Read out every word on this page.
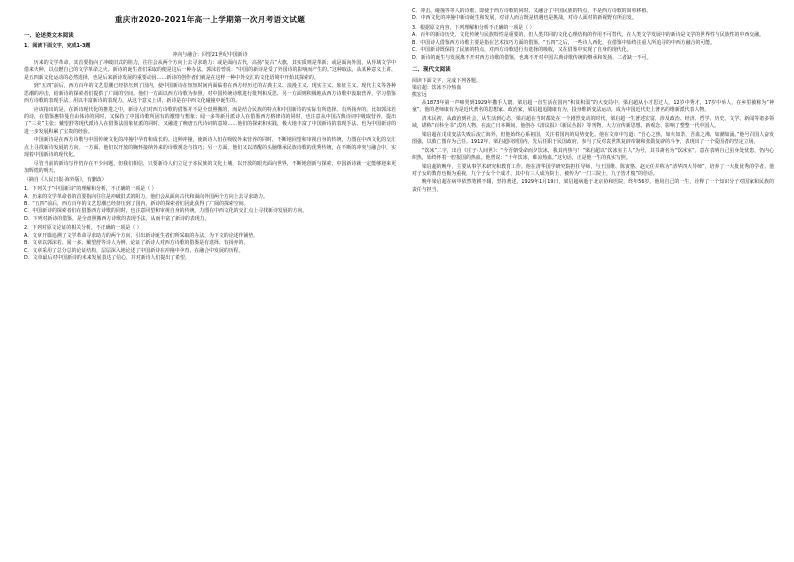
重庆市2020-2021年高一上学期第一次月考语文试题
一、论述类文本阅读
1．阅读下面文字，完成1-3题
冲向与融合：回望21世纪中国新诗

历来的文学革命，其首要指向了冲破旧式的阻力，往往会从两个方向上去寻求助力：或是面向古代，高扬“复古”大旗，其实质则是革新；或是面向外国，从异域文学中借来火种，以点燃自己的文学革命之火。新诗的诞生者们采取的便是这后一种办法。郭沫若曾说：“中国的新诗是受了外国诗的影响而产生的。”这种取法，从某种意义上讲，是五四新文化运动的必然选择，也是后来新诗发展的重要动因……新诗的创作者们就是在这样一种中外交汇的文化语境中开始其探索的。

到“五四”前后，西方百年的文艺思潮已经挤压到了国内，使中国新诗在短短时间内面临着在西方经历过的古典主义、浪漫主义、现实主义、象征主义、现代主义等各种思潮的冲击，给新诗的探索者们提供了广阔的空间。他们一方面以西方诗歌为参照，对中国传统诗歌进行批判和反思，另一方面则积极地从西方诗歌中汲取营养，学习借鉴西方诗歌的表现手法，用以丰富新诗的表现力。从这个意义上讲，新诗是在中西文化碰撞中诞生的。

应该指出的是，在新诗现代化的推进之中，新诗人们对西方诗歌的借鉴并不是全盘照搬的，而是结合民族的特点和中国新诗的实际有所选择、有所扬弃的。比如郭沫若的诗，在借鉴惠特曼自由体诗的同时，又保持了中国诗歌所固有的激情与想象；闻一多等新月派诗人在借鉴西方格律诗的同时，也注意从中国古典诗词中吸取营养，提出了“三美”主张；戴望舒等现代派诗人在借鉴法国象征派的同时，又融进了晚唐五代诗词的意境……他们的探索和实践，极大地丰富了中国新诗的表现手法，也为中国新诗的进一步发展积累了宝贵的经验。

中国新诗是在西方诗歌与中国传统文化的冲撞中孕育和成长的。这种冲撞，使新诗人们在吸收外来营养的同时，不断地回望和审视自身的传统，力图在中西文化的交汇点上寻找新诗发展的方向。一方面，他们以开放的胸怀接纳外来的诗歌观念与技巧；另一方面，他们又以清醒的头脑继承民族诗歌的优秀传统，在不断的冲突与融合中，实现着中国新诗的现代化。

尽管当前的新诗写作仍存在不少问题，但我们相信，只要新诗人们立足于本民族的文化土壤，以开放的眼光面向世界，不断地创新与探索，中国新诗就一定能够迎来更加辉煌的明天。

（摘自《人民日报·海外版》，有删改）

1．下列关于“中国新诗”的理解和分析，不正确的一项是（ ）

A．历来的文学革命者的首要指向往往是冲破旧式的阻力，他们会从面向古代和面向外国两个方向上去寻求助力。

B．“五四”前后，西方百年的文艺思潮已经挤压到了国内，新诗的探索者们因此获得了广阔的探索空间。

C．中国新诗的探索者们在借鉴西方诗歌的同时，也注意回望和审视自身的传统，力图在中西文化的交汇点上寻找新诗发展的方向。

D．下列对新诗的借鉴，是全盘照搬西方诗歌的表现手法，从而丰富了新诗的表现力。

2．下列对原文论证的相关分析，不正确的一项是（ ）

A．文章开篇追溯了文学革命寻求助力的两个方向，引出新诗诞生者们所采取的办法，为下文的论述作铺垫。

B．文章以郭沫若、闻一多、戴望舒等诗人为例，论证了新诗人对西方诗歌的借鉴是有选择、有扬弃的。

C．文章采用了总分总的论证结构，层层深入地论述了中国新诗在冲撞中孕育、在融合中发展的历程。

D．文章最后对中国新诗的未来发展表达了信心，并对新诗人们提出了希望。

C．冲击、碰撞等等人的诗歌，即使于西方诗歌的同时，又融合了中国民族的特点，不是西方诗歌的简单移植。

D．中西文化的冲撞中新诗诞生和发展，对诗人而言既是机遇也是挑战，对诗人面对的新视野有所启发。

3．根据原文内容，下列理解和分析不正确的一项是（ ）

A．百年的新诗历史，文化传统与民族特性是重要的，但人类共同的文化心理结构的作用不可替代，在人类文学发展中的新诗是文学的世界性与民族性的中西交融。

B．中国诗人借鉴西方诗歌主要是指在艺术技巧方面的借鉴，“五四”之后，一些诗人西化，在借鉴中始终注重人所追寻的中西方融合的可能。

C．中国新诗既保持了民族的特点，对西方诗歌进行有选择的吸收，又在借鉴中实现了自身的现代化。

D．新诗的诞生与发展离不开对西方诗歌的借鉴，也离不开对中国古典诗歌传统的继承和发扬，二者缺一不可。

二、现代文阅读
阅读下面文字，完成下列各题。
梁启超：饮冰不冷热血
熊宏远

从1873年第一声啼哭到1929年撒手人寰，梁启超一直生活在国内“积贫积弱”的大变局中。梁启超从小才思过人，12岁中秀才，17岁中举人，在乡里被称为“神童”。他的老师康有为是近代著名的思想家、政治家，梁启超追随康有为，投身维新变法运动，成为中国近代史上著名的维新派代表人物。

清末民初，从政治到社会，从生活到心态，梁启超在当时都处在一个剧烈变动的时代。梁启超一生著述宏富，涉及政治、经济、哲学、历史、文学、新闻等诸多领域，堪称“百科全书”式的人物。在流亡日本期间，他创办《清议报》《新民丛报》等刊物，大力宣传新思想、新观念，影响了整整一代中国人。

梁启超在戊戌变法失败后流亡海外，但他始终心系祖国，关注着国内的局势变化。他在文章中写道：“吾心之热，如火如荼，吾血之沸，如潮如涌。”他号召国人奋发图强，以救亡图存为己任。1912年，梁启超回到国内，先后任职于民国政府，参与了反对袁世凯复辟帝制和张勋复辟的斗争，表现出了一个爱国者的坚定立场。

“饮冰”二字，出自《庄子·人间世》：“今吾朝受命而夕饮冰，我其内热与！”梁启超以“饮冰室主人”为号，其书斋名为“饮冰室”，意在表明自己虽身处忧患，仍内心炽热，始终怀着一腔报国的热血。他曾说：“十年饮冰，难凉热血。”这句话，正是他一生的真实写照。

梁启超的晚年，主要从事学术研究和教育工作。他在清华国学研究院担任导师，与王国维、陈寅恪、赵元任并称为“清华四大导师”，培养了一大批优秀的学者。他对子女的教育也极为重视，九个子女个个成才，其中有三人成为院士，被传为“一门三院士，九子皆才俊”的佳话。

晚年梁启超在病中依然笔耕不辍，坚持著述。1929年1月19日，梁启超病逝于北京协和医院，终年56岁。他用自己的一生，诠释了一个知识分子对国家和民族的责任与担当。
